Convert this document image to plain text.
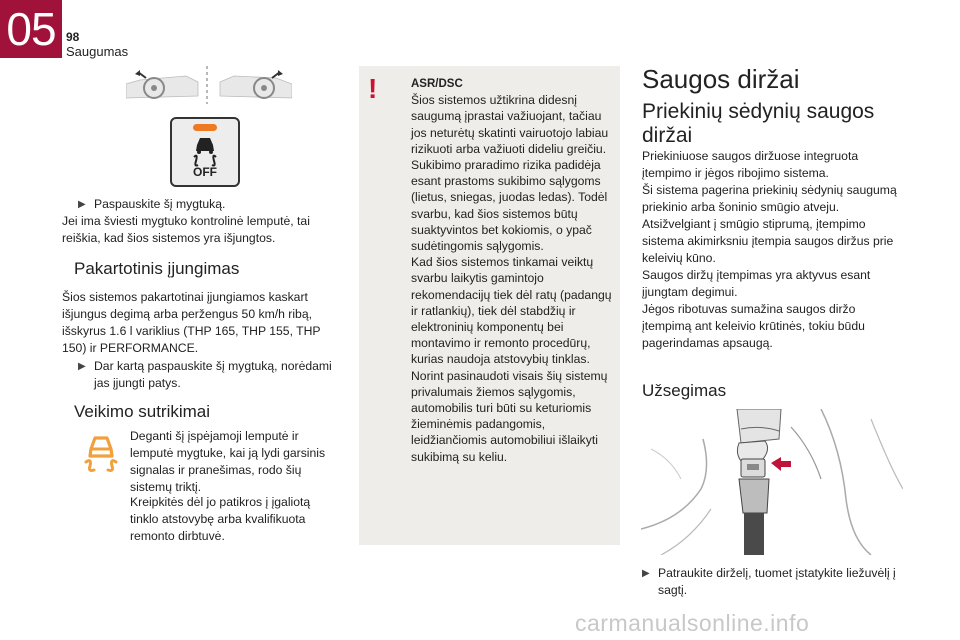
05 98
Saugumas
OFF
▶ Paspauskite šį mygtuką.
Jei ima šviesti mygtuko kontrolinė lemputė, tai reiškia, kad šios sistemos yra išjungtos.
Pakartotinis įjungimas
Šios sistemos pakartotinai įjungiamos kaskart išjungus degimą arba peržengus 50 km/h ribą, išskyrus 1.6 l variklius (THP 165, THP 155, THP 150) ir PERFORMANCE.
▶ Dar kartą paspauskite šį mygtuką, norėdami jas įjungti patys.
Veikimo sutrikimai
Deganti šį įspėjamoji lemputė ir lemputė mygtuke, kai ją lydi garsinis signalas ir pranešimas, rodo šių sistemų triktį.
Kreipkitės dėl jo patikros į įgaliotą tinklo atstovybę arba kvalifikuota remonto dirbtuvė.
!	ASR/DSC
Šios sistemos užtikrina didesnį saugumą įprastai važiuojant, tačiau jos neturėtų skatinti vairuotojo labiau rizikuoti arba važiuoti dideliu greičiu.
Sukibimo praradimo rizika padidėja esant prastoms sukibimo sąlygoms (lietus, sniegas, juodas ledas). Todėl svarbu, kad šios sistemos būtų suaktyvintos bet kokiomis, o ypač sudėtingomis sąlygomis.
Kad šios sistemos tinkamai veiktų svarbu laikytis gamintojo rekomendacijų tiek dėl ratų (padangų ir ratlankių), tiek dėl stabdžių ir elektroninių komponentų bei montavimo ir remonto procedūrų, kurias naudoja atstovybių tinklas.
Norint pasinaudoti visais šių sistemų privalumais žiemos sąlygomis, automobilis turi būti su keturiomis žieminėmis padangomis, leidžiančiomis automobiliui išlaikyti sukibimą su keliu.
Saugos diržai
Priekinių sėdynių saugos diržai
Priekiniuose saugos diržuose integruota įtempimo ir jėgos ribojimo sistema.
Ši sistema pagerina priekinių sėdynių saugumą priekinio arba šoninio smūgio atveju. Atsižvelgiant į smūgio stiprumą, įtempimo sistema akimirksniu įtempia saugos diržus prie keleivių kūno.
Saugos diržų įtempimas yra aktyvus esant įjungtam degimui.
Jėgos ribotuvas sumažina saugos diržo įtempimą ant keleivio krūtinės, tokiu būdu pagerindamas apsaugą.
Užsegimas
▶ Patraukite dirželį, tuomet įstatykite liežuvėlį į sagtį.
carmanualsonline.info
